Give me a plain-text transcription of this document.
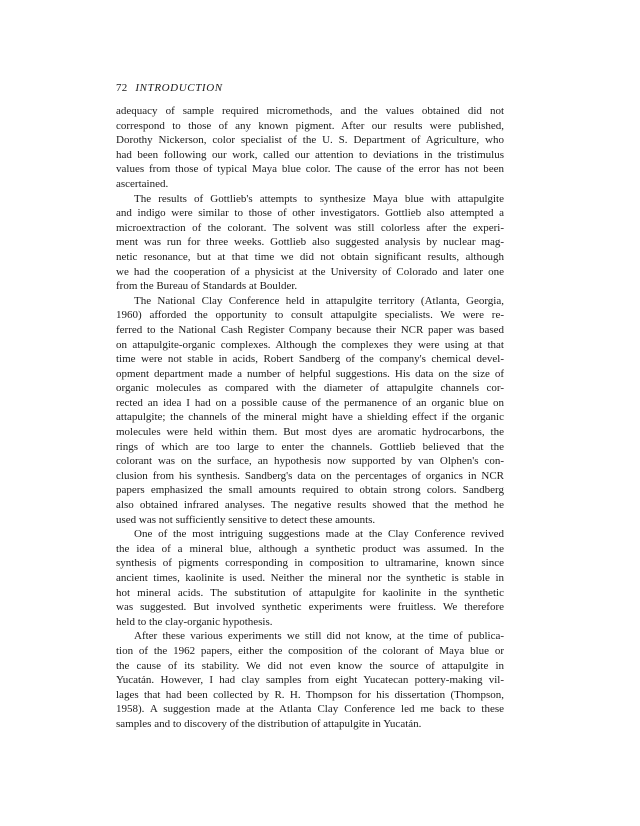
72 INTRODUCTION
adequacy of sample required micromethods, and the values obtained did not
correspond to those of any known pigment. After our results were published,
Dorothy Nickerson, color specialist of the U. S. Department of Agriculture, who
had been following our work, called our attention to deviations in the tristimulus
values from those of typical Maya blue color. The cause of the error has not been
ascertained.
The results of Gottlieb's attempts to synthesize Maya blue with attapulgite
and indigo were similar to those of other investigators. Gottlieb also attempted a
microextraction of the colorant. The solvent was still colorless after the experi-
ment was run for three weeks. Gottlieb also suggested analysis by nuclear mag-
netic resonance, but at that time we did not obtain significant results, although
we had the cooperation of a physicist at the University of Colorado and later one
from the Bureau of Standards at Boulder.
The National Clay Conference held in attapulgite territory (Atlanta, Georgia,
1960) afforded the opportunity to consult attapulgite specialists. We were re-
ferred to the National Cash Register Company because their NCR paper was based
on attapulgite-organic complexes. Although the complexes they were using at that
time were not stable in acids, Robert Sandberg of the company's chemical devel-
opment department made a number of helpful suggestions. His data on the size of
organic molecules as compared with the diameter of attapulgite channels cor-
rected an idea I had on a possible cause of the permanence of an organic blue on
attapulgite; the channels of the mineral might have a shielding effect if the organic
molecules were held within them. But most dyes are aromatic hydrocarbons, the
rings of which are too large to enter the channels. Gottlieb believed that the
colorant was on the surface, an hypothesis now supported by van Olphen's con-
clusion from his synthesis. Sandberg's data on the percentages of organics in NCR
papers emphasized the small amounts required to obtain strong colors. Sandberg
also obtained infrared analyses. The negative results showed that the method he
used was not sufficiently sensitive to detect these amounts.
One of the most intriguing suggestions made at the Clay Conference revived
the idea of a mineral blue, although a synthetic product was assumed. In the
synthesis of pigments corresponding in composition to ultramarine, known since
ancient times, kaolinite is used. Neither the mineral nor the synthetic is stable in
hot mineral acids. The substitution of attapulgite for kaolinite in the synthetic
was suggested. But involved synthetic experiments were fruitless. We therefore
held to the clay-organic hypothesis.
After these various experiments we still did not know, at the time of publica-
tion of the 1962 papers, either the composition of the colorant of Maya blue or
the cause of its stability. We did not even know the source of attapulgite in
Yucatán. However, I had clay samples from eight Yucatecan pottery-making vil-
lages that had been collected by R. H. Thompson for his dissertation (Thompson,
1958). A suggestion made at the Atlanta Clay Conference led me back to these
samples and to discovery of the distribution of attapulgite in Yucatán.
